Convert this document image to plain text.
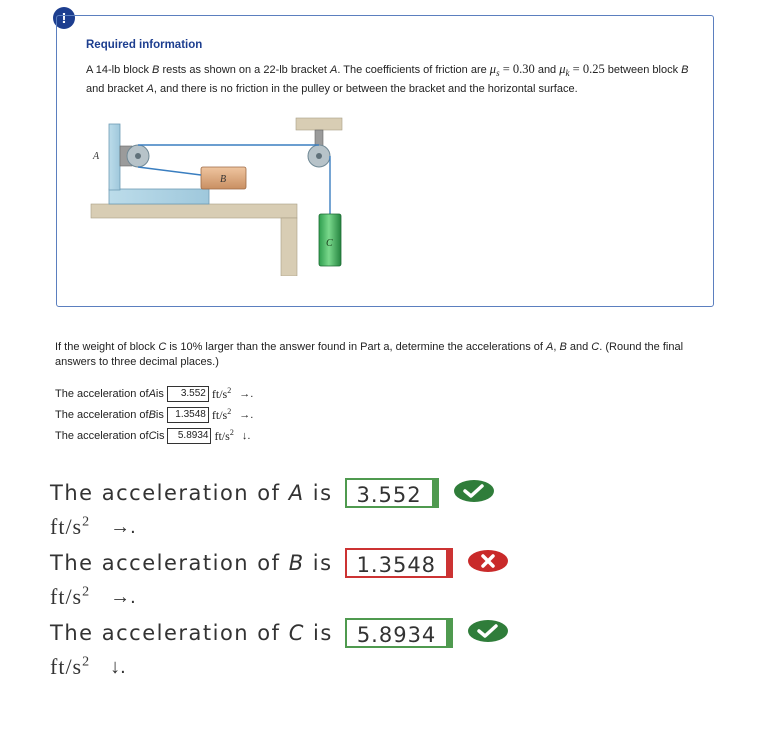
!
Required information
A 14-lb block B rests as shown on a 22-lb bracket A. The coefficients of friction are $\mu_s = 0.30$ and $\mu_k = 0.25$ between block B and bracket A, and there is no friction in the pulley or between the bracket and the horizontal surface.
A
B
C
If the weight of block C is 10% larger than the answer found in Part a, determine the accelerations of A, B and C. (Round the final answers to three decimal places.)
The acceleration of A is	3.552 $ft/s^2$ →.
The acceleration of B is	1.3548 $ft/s^2$ →.
The acceleration of C is	5.8934 $ft/s^2$ ↓.
The acceleration of A is	3.552
$ft/s^2$ →.
The acceleration of B is	1.3548
$ft/s^2$ →.
The acceleration of C is	5.8934
$ft/s^2$ ↓.
